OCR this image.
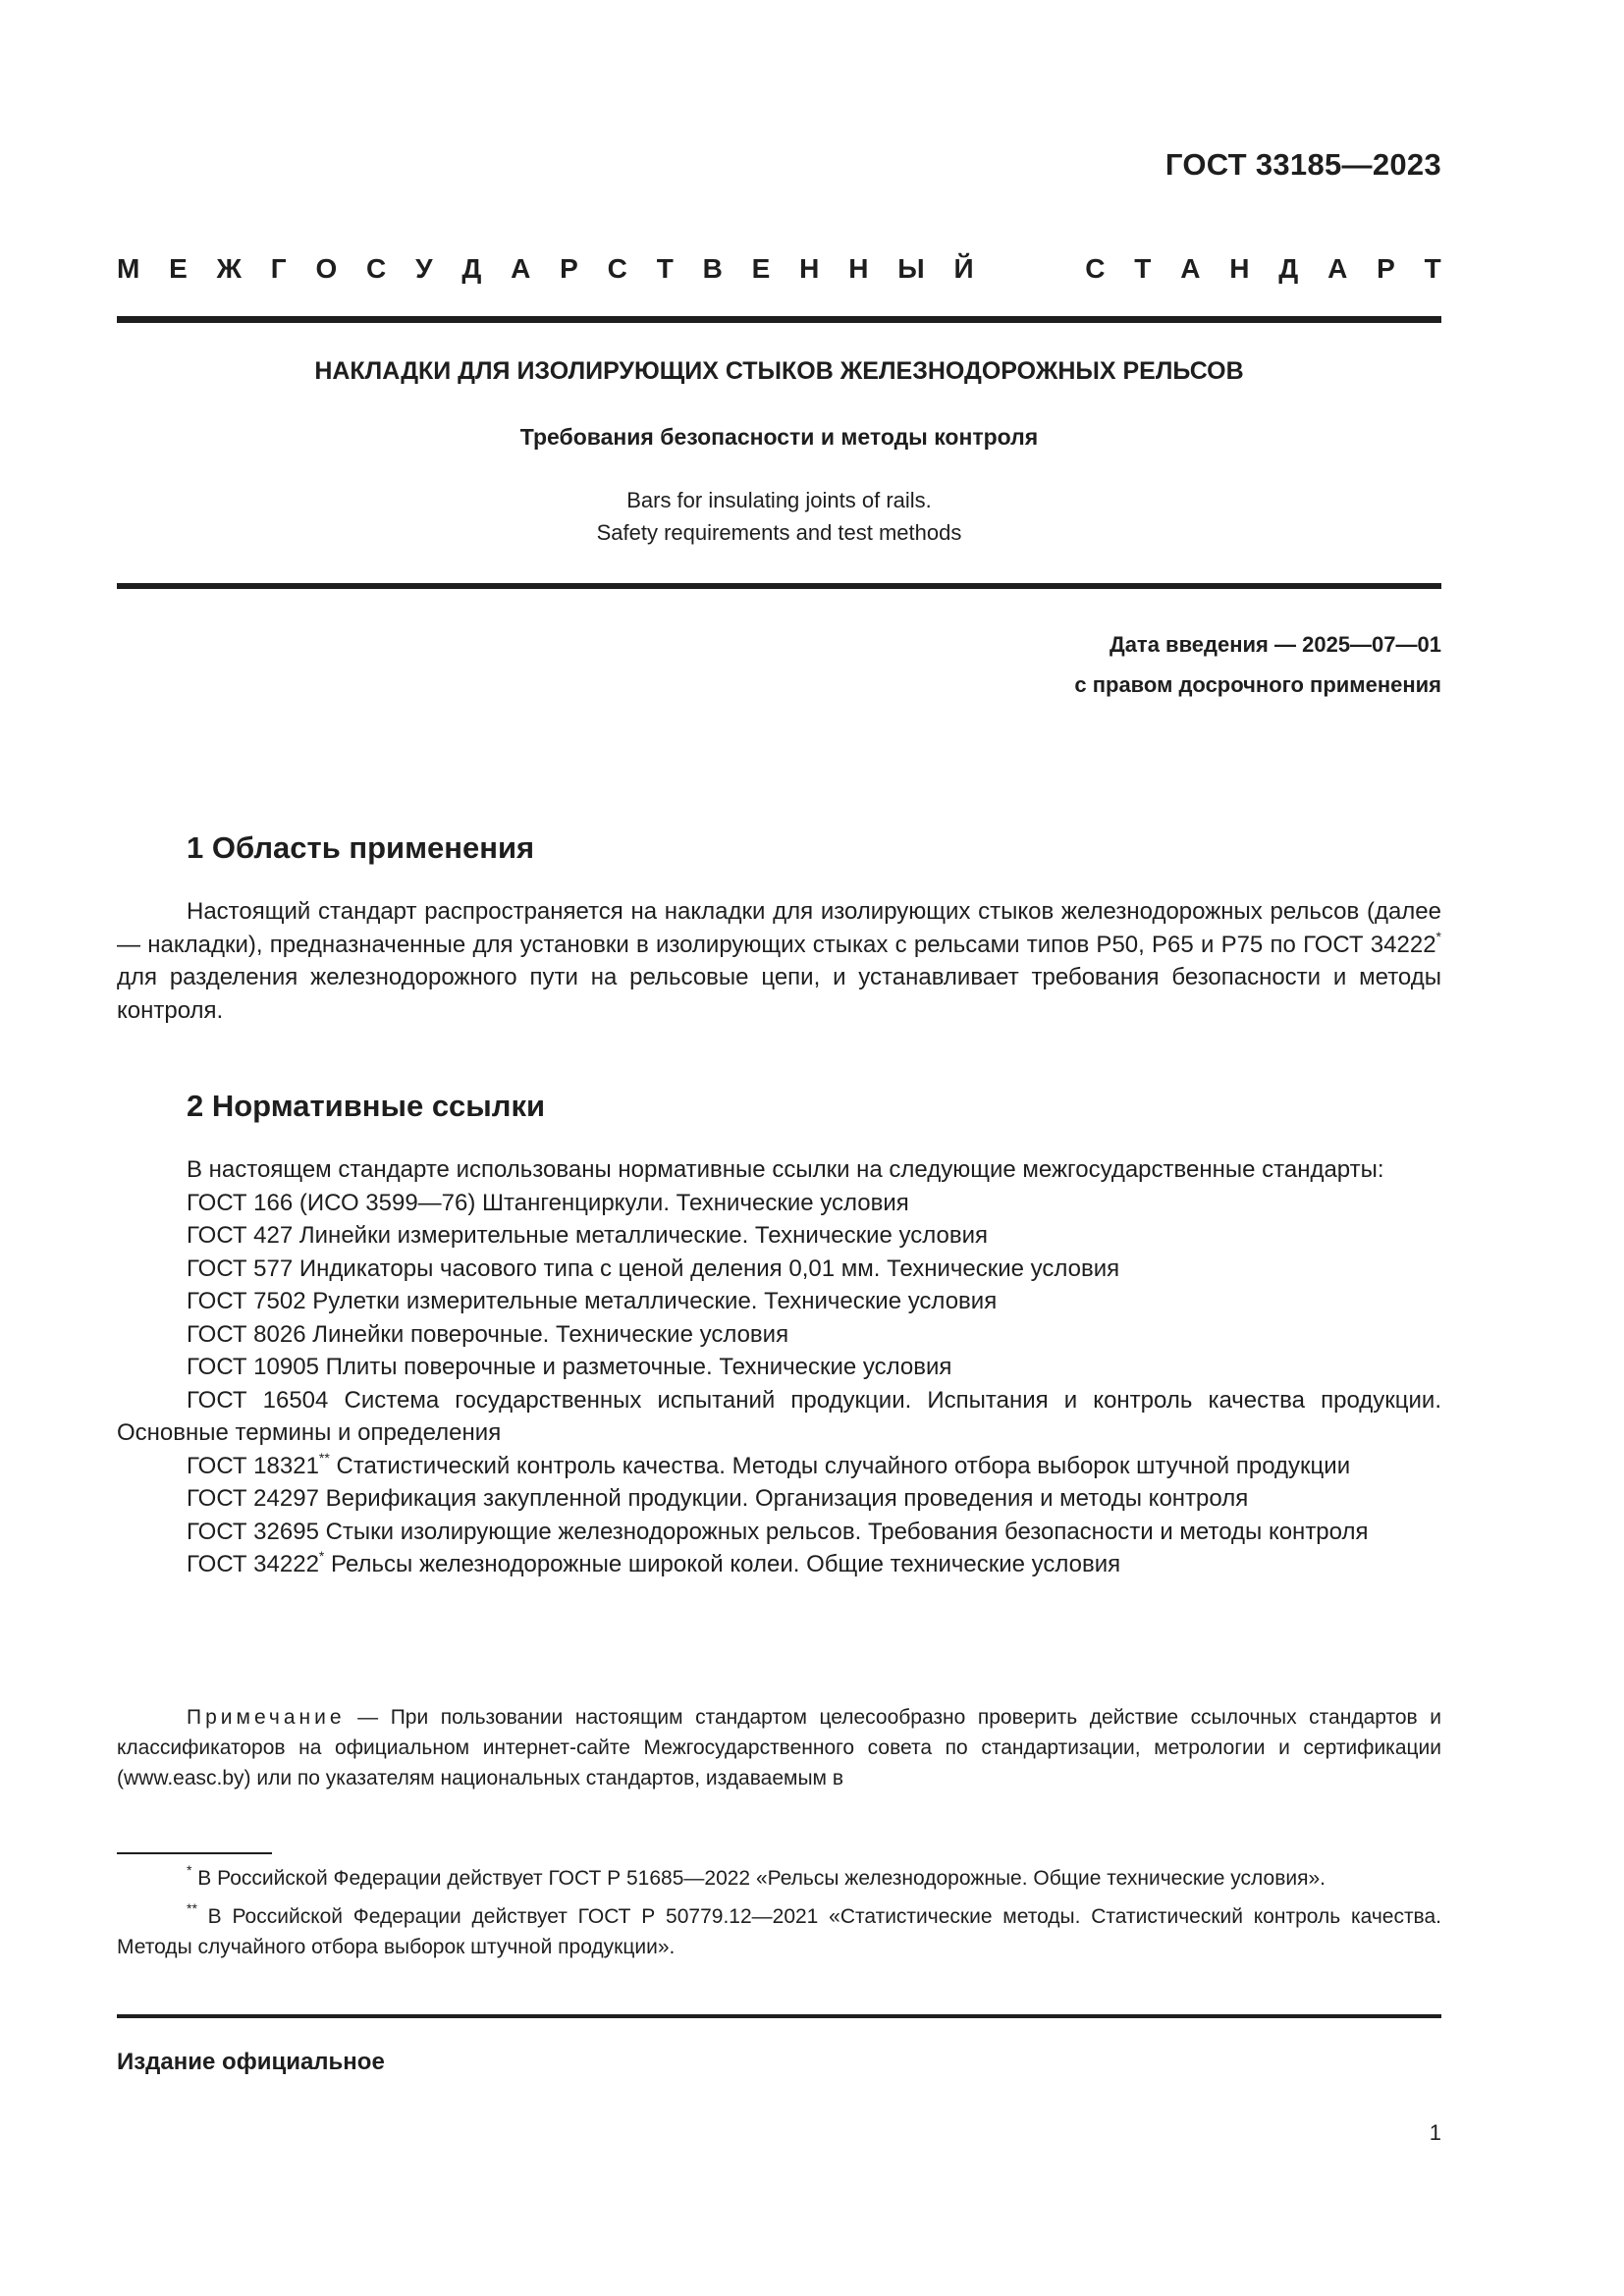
ГОСТ 33185—2023
М Е Ж Г О С У Д А Р С Т В Е Н Н Ы Й	С Т А Н Д А Р Т
НАКЛАДКИ ДЛЯ ИЗОЛИРУЮЩИХ СТЫКОВ ЖЕЛЕЗНОДОРОЖНЫХ РЕЛЬСОВ
Требования безопасности и методы контроля
Bars for insulating joints of rails.
Safety requirements and test methods
Дата введения — 2025—07—01
с правом досрочного применения
1 Область применения

Настоящий стандарт распространяется на накладки для изолирующих стыков железнодорожных рельсов (далее — накладки), предназначенные для установки в изолирующих стыках с рельсами типов Р50, Р65 и Р75 по ГОСТ 34222* для разделения железнодорожного пути на рельсовые цепи, и устанавливает требования безопасности и методы контроля.

2 Нормативные ссылки

В настоящем стандарте использованы нормативные ссылки на следующие межгосударственные стандарты:

ГОСТ 166 (ИСО 3599—76) Штангенциркули. Технические условия

ГОСТ 427 Линейки измерительные металлические. Технические условия

ГОСТ 577 Индикаторы часового типа с ценой деления 0,01 мм. Технические условия

ГОСТ 7502 Рулетки измерительные металлические. Технические условия

ГОСТ 8026 Линейки поверочные. Технические условия

ГОСТ 10905 Плиты поверочные и разметочные. Технические условия

ГОСТ 16504 Система государственных испытаний продукции. Испытания и контроль качества продукции. Основные термины и определения

ГОСТ 18321** Статистический контроль качества. Методы случайного отбора выборок штучной продукции

ГОСТ 24297 Верификация закупленной продукции. Организация проведения и методы контроля

ГОСТ 32695 Стыки изолирующие железнодорожных рельсов. Требования безопасности и методы контроля

ГОСТ 34222* Рельсы железнодорожные широкой колеи. Общие технические условия

Примечание — При пользовании настоящим стандартом целесообразно проверить действие ссылочных стандартов и классификаторов на официальном интернет-сайте Межгосударственного совета по стандартизации, метрологии и сертификации (www.easc.by) или по указателям национальных стандартов, издаваемым в

* В Российской Федерации действует ГОСТ Р 51685—2022 «Рельсы железнодорожные. Общие технические условия».

** В Российской Федерации действует ГОСТ Р 50779.12—2021 «Статистические методы. Статистический контроль качества. Методы случайного отбора выборок штучной продукции».

Издание официальное
1
